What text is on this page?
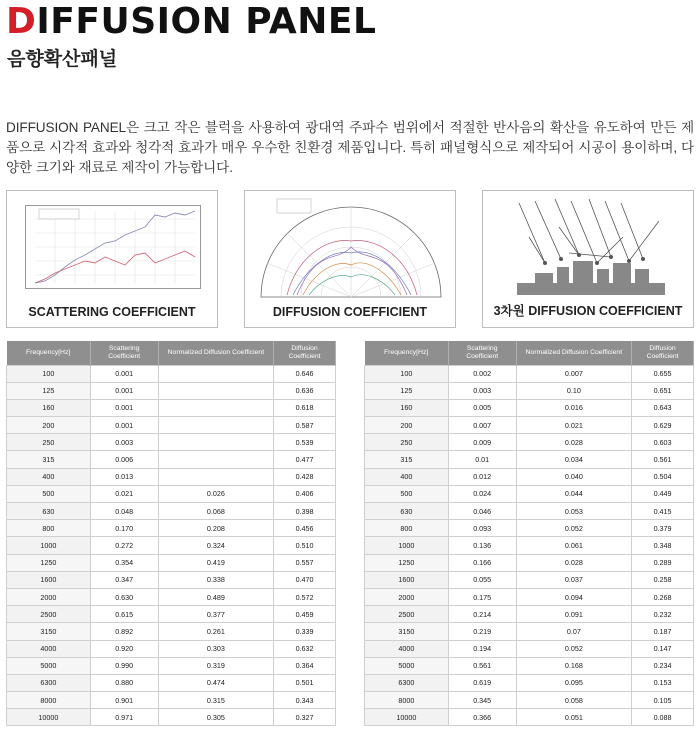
DIFFUSION PANEL
음향확산패널

DIFFUSION PANEL은 크고 작은 블럭을 사용하여 광대역 주파수 범위에서 적절한 반사음의 확산을 유도하여 만든 제품으로 시각적 효과와 청각적 효과가 매우 우수한 친환경 제품입니다. 특히 패널형식으로 제작되어 시공이 용이하며, 다양한 크기와 재료로 제작이 가능합니다.

SCATTERING COEFFICIENT	DIFFUSION COEFFICIENT	3차원 DIFFUSION COEFFICIENT
Frequency[Hz]	Scattering Coefficient	Normalized Diffusion Coefficient	Diffusion Coefficient
100	0.001		0.646
125	0.001		0.636
160	0.001		0.618
200	0.001		0.587
250	0.003		0.539
315	0.006		0.477
400	0.013		0.428
500	0.021	0.026	0.406
630	0.048	0.068	0.398
800	0.170	0.208	0.456
1000	0.272	0.324	0.510
1250	0.354	0.419	0.557
1600	0.347	0.338	0.470
2000	0.630	0.489	0.572
2500	0.615	0.377	0.459
3150	0.892	0.261	0.339
4000	0.920	0.303	0.632
5000	0.990	0.319	0.364
6300	0.880	0.474	0.501
8000	0.901	0.315	0.343
10000	0.971	0.305	0.327
Frequency[Hz]	Scattering Coefficient	Normalized Diffusion Coefficient	Diffusion Coefficient
100	0.002	0.007	0.655
125	0.003	0.10	0.651
160	0.005	0.016	0.643
200	0.007	0.021	0.629
250	0.009	0.028	0.603
315	0.01	0.034	0.561
400	0.012	0.040	0.504
500	0.024	0.044	0.449
630	0.046	0.053	0.415
800	0.093	0.052	0.379
1000	0.136	0.061	0.348
1250	0.166	0.028	0.289
1600	0.055	0.037	0.258
2000	0.175	0.094	0.268
2500	0.214	0.091	0.232
3150	0.219	0.07	0.187
4000	0.194	0.052	0.147
5000	0.561	0.168	0.234
6300	0.619	0.095	0.153
8000	0.345	0.058	0.105
10000	0.366	0.051	0.088
